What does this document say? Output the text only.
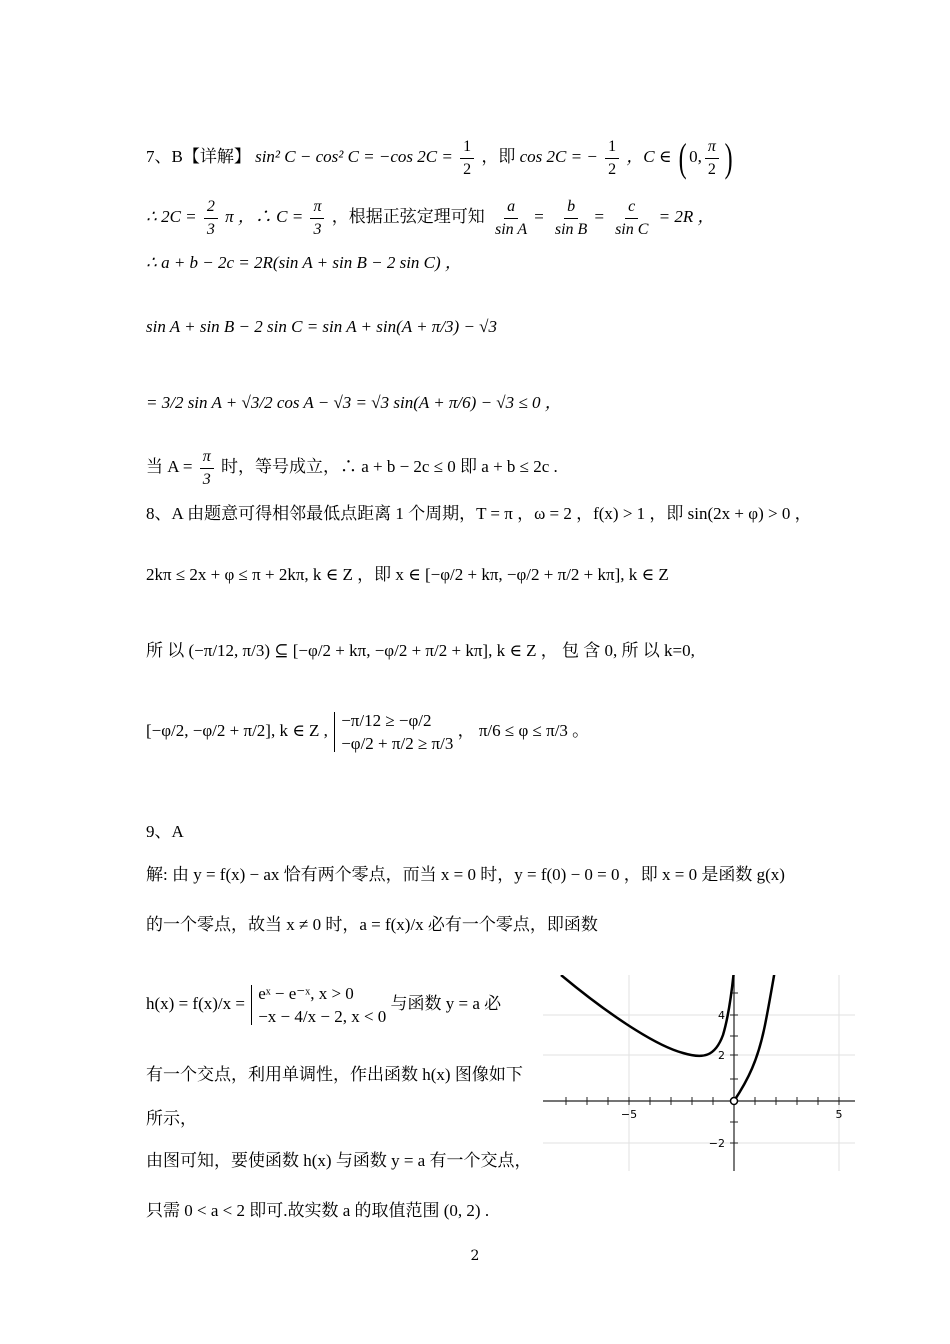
7、B【详解】 sin² C − cos² C = −cos $2C = \frac{1}{2}$ ，即 cos 2C = − $\frac{1}{2}$ ，C ∈ ( 0, $\frac{\pi}{2}$ )
∴ $2C = \frac{2}{3}$ π ，∴ $C = \frac{\pi}{3}$ ，根据正弦定理可知 $\frac{a}{\text{sin A}} = \frac{b}{\text{sin B}} = \frac{c}{\text{sin C}} = 2R$ ，
∴ a + b − 2c = 2R(sin A + sin B − 2 sin C) ，
sin A + sin B − 2 sin C = sin A + sin(A + π/3) − √3
= 3/2 sin A + √3/2 cos A − √3 = √3 sin(A + π/6) − √3 ≤ 0 ，
当 $A = \frac{\pi}{3}$ 时，等号成立，∴ a + b − 2c ≤ 0 即 a + b ≤ 2c .
8、A 由题意可得相邻最低点距离 1 个周期，T = π ，ω = 2 ，f(x) > 1 ，即 sin(2x + φ) > 0 ，
2kπ ≤ 2x + φ ≤ π + 2kπ, k ∈ Z ，即 x ∈ [−φ/2 + kπ, −φ/2 + π/2 + kπ], k ∈ Z
所 以 (−π/12, π/3) ⊆ [−φ/2 + kπ, −φ/2 + π/2 + kπ], k ∈ Z ， 包 含 0, 所 以 k=0,
[−φ/2, −φ/2 + π/2], k ∈ Z ,
−π/12 ≥ −φ/2
−φ/2 + π/2 ≥ π/3
， π/6 ≤ φ ≤ π/3 。
9、A
解: 由 y = f(x) − ax 恰有两个零点，而当 x = 0 时，y = f(0) − 0 = 0 ，即 x = 0 是函数 g(x)
的一个零点，故当 x ≠ 0 时，a = f(x)/x 必有一个零点，即函数
h(x) = f(x)/x =
eˣ − e⁻ˣ, x > 0
−x − 4/x − 2, x < 0
与函数 y = a 必
有一个交点，利用单调性，作出函数 h(x) 图像如下
所示，
由图可知，要使函数 h(x) 与函数 y = a 有一个交点，
只需 0 < a < 2 即可.故实数 a 的取值范围 (0, 2) .
−5	5
4
2
−2
2
